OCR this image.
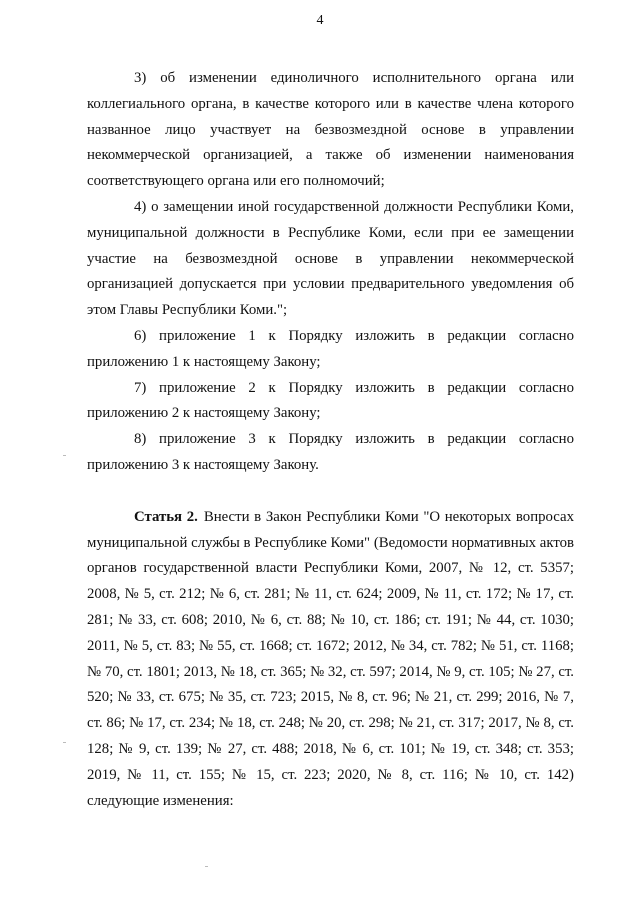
4

3) об изменении единоличного исполнительного органа или коллегиального органа, в качестве которого или в качестве члена которого названное лицо участвует на безвозмездной основе в управлении некоммерческой организацией, а также об изменении наименования соответствующего органа или его полномочий;

4) о замещении иной государственной должности Республики Коми, муниципальной должности в Республике Коми, если при ее замещении участие на безвозмездной основе в управлении некоммерческой организацией допускается при условии предварительного уведомления об этом Главы Республики Коми.";

6) приложение 1 к Порядку изложить в редакции согласно приложению 1 к настоящему Закону;

7) приложение 2 к Порядку изложить в редакции согласно приложению 2 к настоящему Закону;

8) приложение 3 к Порядку изложить в редакции согласно приложению 3 к настоящему Закону.

Статья 2. Внести в Закон Республики Коми "О некоторых вопросах муниципальной службы в Республике Коми" (Ведомости нормативных актов органов государственной власти Республики Коми, 2007, № 12, ст. 5357; 2008, № 5, ст. 212; № 6, ст. 281; № 11, ст. 624; 2009, № 11, ст. 172; № 17, ст. 281; № 33, ст. 608; 2010, № 6, ст. 88; № 10, ст. 186; ст. 191; № 44, ст. 1030; 2011, № 5, ст. 83; № 55, ст. 1668; ст. 1672; 2012, № 34, ст. 782; № 51, ст. 1168; № 70, ст. 1801; 2013, № 18, ст. 365; № 32, ст. 597; 2014, № 9, ст. 105; № 27, ст. 520; № 33, ст. 675; № 35, ст. 723; 2015, № 8, ст. 96; № 21, ст. 299; 2016, № 7, ст. 86; № 17, ст. 234; № 18, ст. 248; № 20, ст. 298; № 21, ст. 317; 2017, № 8, ст. 128; № 9, ст. 139; № 27, ст. 488; 2018, № 6, ст. 101; № 19, ст. 348; ст. 353; 2019, № 11, ст. 155; № 15, ст. 223; 2020, № 8, ст. 116; № 10, ст. 142) следующие изменения:
